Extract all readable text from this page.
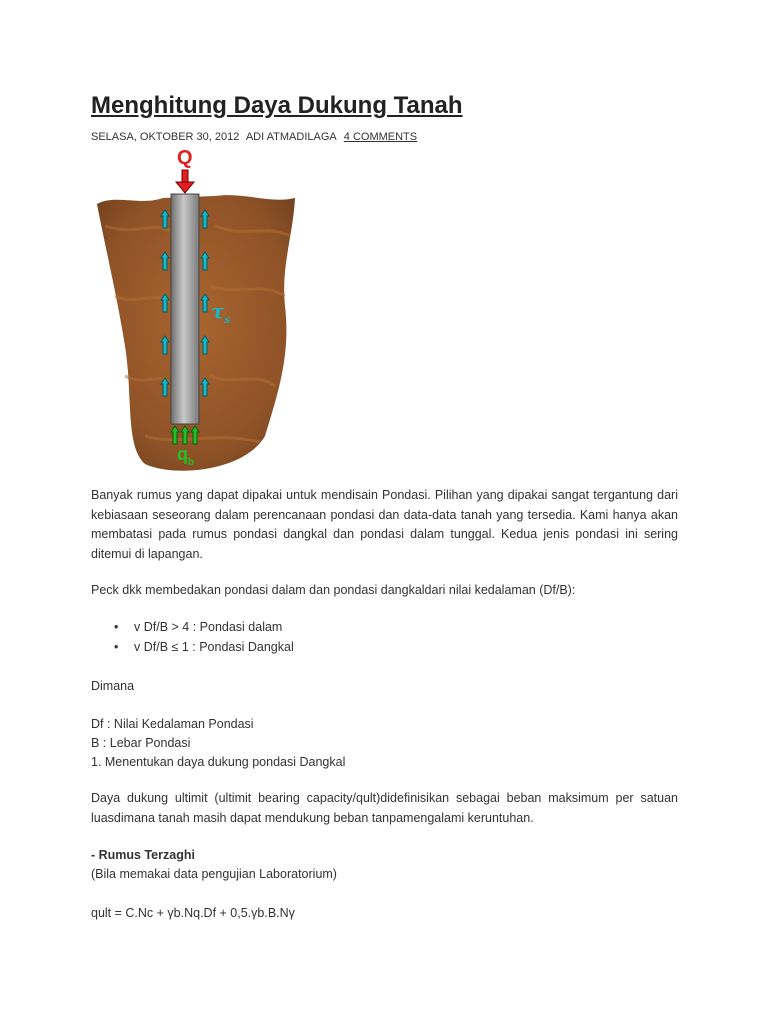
Menghitung Daya Dukung Tanah
SELASA, OKTOBER 30, 2012 ADI ATMADILAGA 4 COMMENTS
Q
$\tau_s$
$q_b$

Banyak rumus yang dapat dipakai untuk mendisain Pondasi. Pilihan yang dipakai sangat tergantung dari kebiasaan seseorang dalam perencanaan pondasi dan data-data tanah yang tersedia. Kami hanya akan membatasi pada rumus pondasi dangkal dan pondasi dalam tunggal. Kedua jenis pondasi ini sering ditemui di lapangan.

Peck dkk membedakan pondasi dalam dan pondasi dangkaldari nilai kedalaman (Df/B):

• v Df/B > 4 : Pondasi dalam
• v Df/B ≤ 1 : Pondasi Dangkal

Dimana

Df : Nilai Kedalaman Pondasi

B : Lebar Pondasi

1. Menentukan daya dukung pondasi Dangkal

Daya dukung ultimit (ultimit bearing capacity/qult)didefinisikan sebagai beban maksimum per satuan luasdimana tanah masih dapat mendukung beban tanpamengalami keruntuhan.

- Rumus Terzaghi

(Bila memakai data pengujian Laboratorium)

qult = C.Nc + γb.Nq.Df + 0,5.γb.B.Nγ
